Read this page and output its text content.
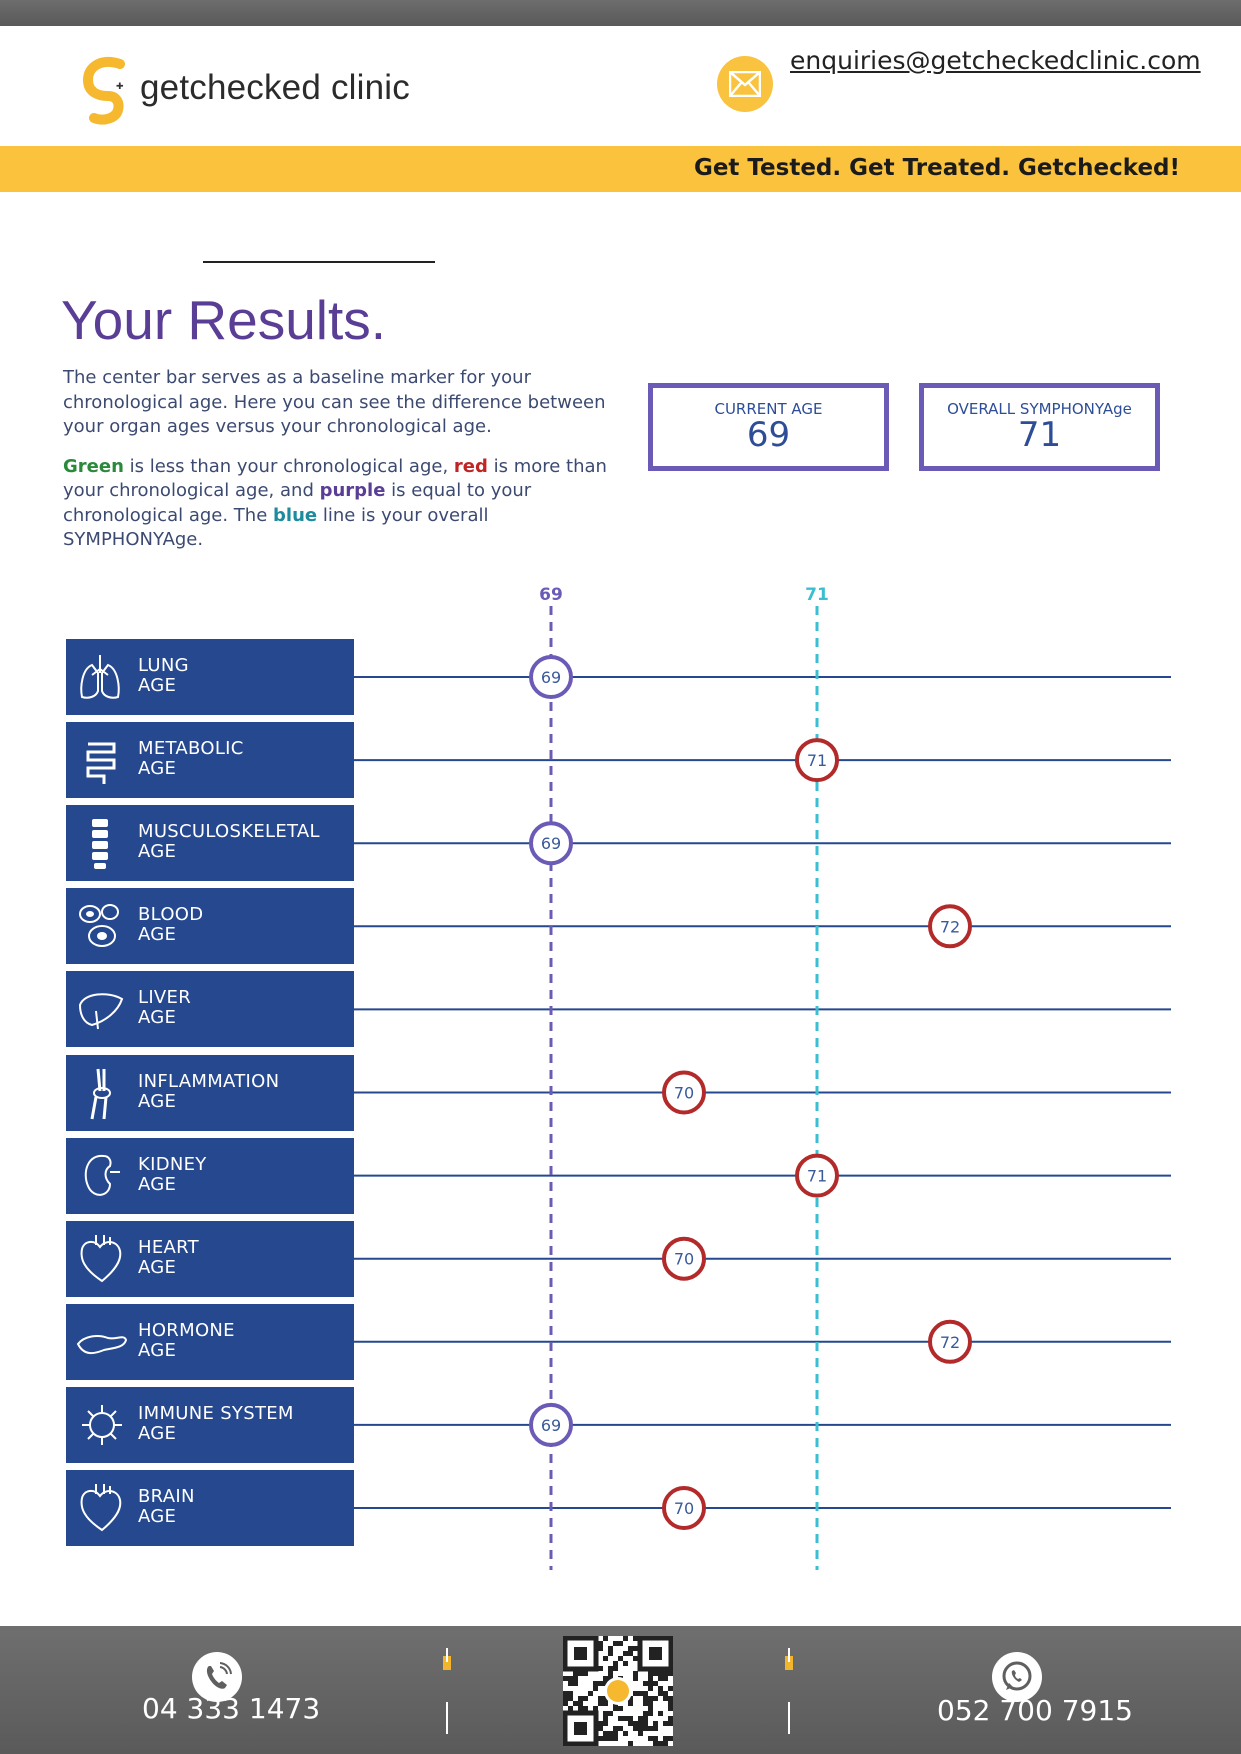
✚ getchecked clinic
enquiries@getcheckedclinic.com
Get Tested. Get Treated. Getchecked!
Your Results.

The center bar serves as a baseline marker for your chronological age. Here you can see the difference between your organ ages versus your chronological age.

Green is less than your chronological age, red is more than your chronological age, and purple is equal to your chronological age. The blue line is your overall SYMPHONYAge.

CURRENT AGE
69
OVERALL SYMPHONYAge
71
69	71
69
71
69
72
70
71
70
72
69
70
LUNG
AGE
METABOLIC
AGE
MUSCULOSKELETAL
AGE
BLOOD
AGE
LIVER
AGE
INFLAMMATION
AGE
KIDNEY
AGE
HEART
AGE
HORMONE
AGE
IMMUNE SYSTEM
AGE
BRAIN
AGE
04 333 1473	052 700 7915
